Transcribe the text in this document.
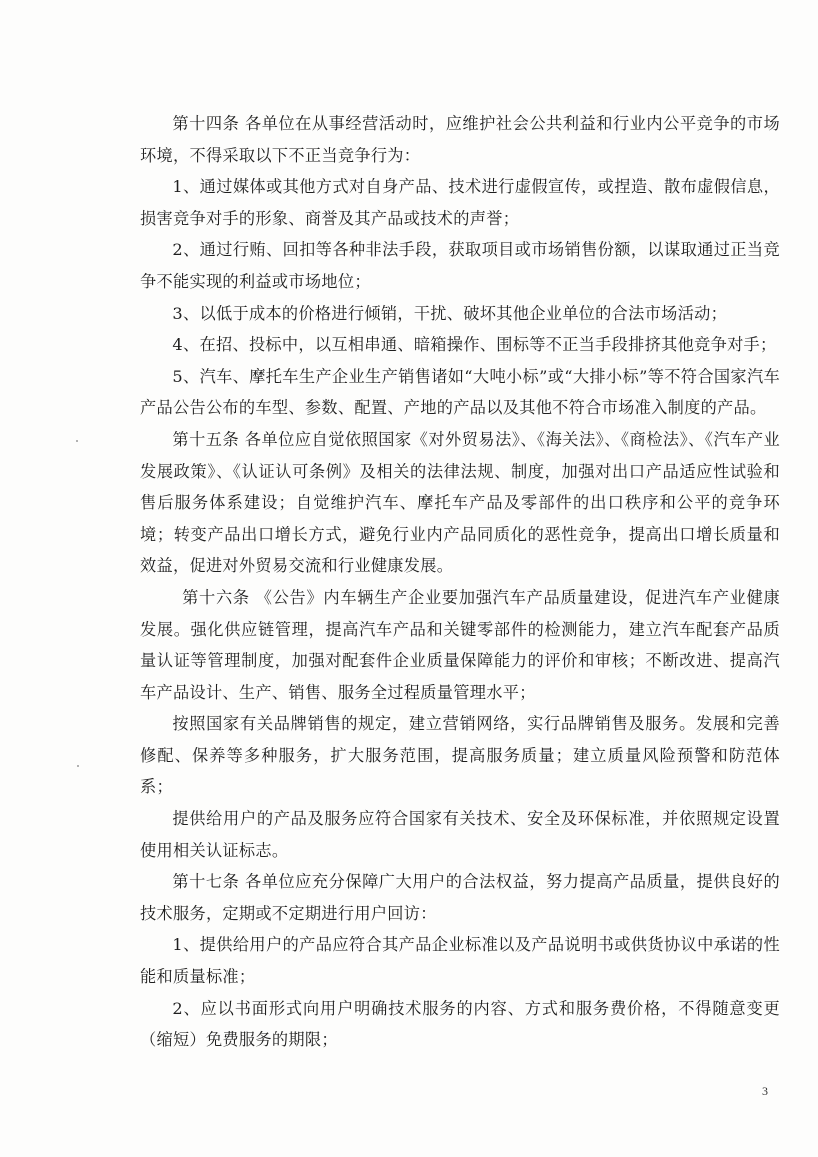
第十四条 各单位在从事经营活动时，应维护社会公共利益和行业内公平竞争的市场环境，不得采取以下不正当竞争行为：

1、通过媒体或其他方式对自身产品、技术进行虚假宣传，或捏造、散布虚假信息，损害竞争对手的形象、商誉及其产品或技术的声誉；

2、通过行贿、回扣等各种非法手段，获取项目或市场销售份额，以谋取通过正当竞争不能实现的利益或市场地位；

3、以低于成本的价格进行倾销，干扰、破坏其他企业单位的合法市场活动；

4、在招、投标中，以互相串通、暗箱操作、围标等不正当手段排挤其他竞争对手；

5、汽车、摩托车生产企业生产销售诸如“大吨小标”或“大排小标”等不符合国家汽车产品公告公布的车型、参数、配置、产地的产品以及其他不符合市场准入制度的产品。

第十五条 各单位应自觉依照国家《对外贸易法》、《海关法》、《商检法》、《汽车产业发展政策》、《认证认可条例》及相关的法律法规、制度，加强对出口产品适应性试验和售后服务体系建设；自觉维护汽车、摩托车产品及零部件的出口秩序和公平的竞争环境；转变产品出口增长方式，避免行业内产品同质化的恶性竞争，提高出口增长质量和效益，促进对外贸易交流和行业健康发展。

第十六条 《公告》内车辆生产企业要加强汽车产品质量建设，促进汽车产业健康发展。强化供应链管理，提高汽车产品和关键零部件的检测能力，建立汽车配套产品质量认证等管理制度，加强对配套件企业质量保障能力的评价和审核；不断改进、提高汽车产品设计、生产、销售、服务全过程质量管理水平；

按照国家有关品牌销售的规定，建立营销网络，实行品牌销售及服务。发展和完善修配、保养等多种服务，扩大服务范围，提高服务质量；建立质量风险预警和防范体系；

提供给用户的产品及服务应符合国家有关技术、安全及环保标准，并依照规定设置使用相关认证标志。

第十七条 各单位应充分保障广大用户的合法权益，努力提高产品质量，提供良好的技术服务，定期或不定期进行用户回访：

1、提供给用户的产品应符合其产品企业标准以及产品说明书或供货协议中承诺的性能和质量标准；

2、应以书面形式向用户明确技术服务的内容、方式和服务费价格，不得随意变更（缩短）免费服务的期限；

3
